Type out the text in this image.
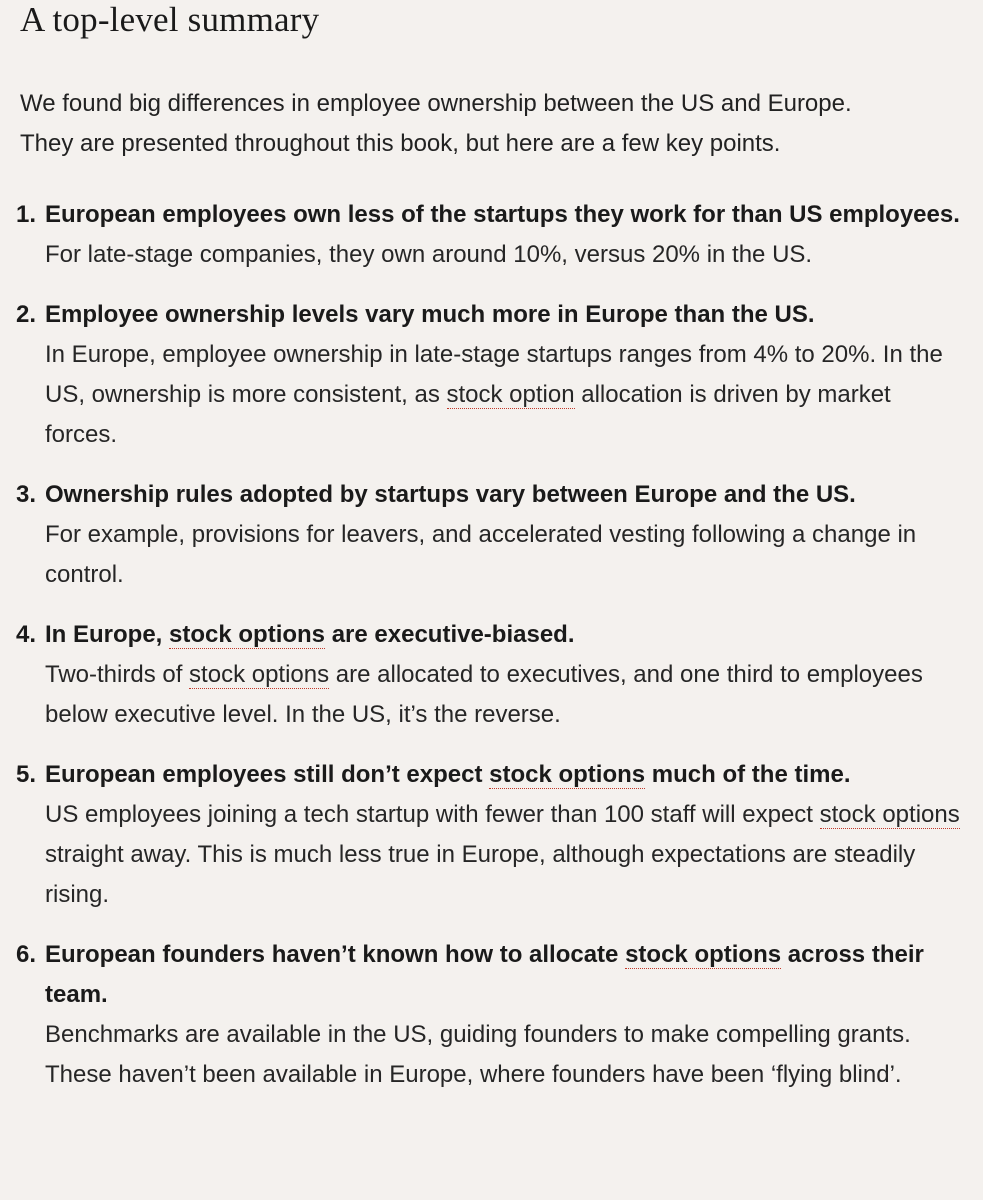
A top-level summary

We found big differences in employee ownership between the US and Europe.
They are presented throughout this book, but here are a few key points.

1. European employees own less of the startups they work for than US employees.
For late-stage companies, they own around 10%, versus 20% in the US.
2. Employee ownership levels vary much more in Europe than the US.
In Europe, employee ownership in late-stage startups ranges from 4% to 20%. In the US, ownership is more consistent, as stock option allocation is driven by market forces.
3. Ownership rules adopted by startups vary between Europe and the US.
For example, provisions for leavers, and accelerated vesting following a change in control.
4. In Europe, stock options are executive-biased.
Two-thirds of stock options are allocated to executives, and one third to employees below executive level. In the US, it’s the reverse.
5. European employees still don’t expect stock options much of the time.
US employees joining a tech startup with fewer than 100 staff will expect stock options straight away. This is much less true in Europe, although expectations are steadily rising.
6. European founders haven’t known how to allocate stock options across their team.
Benchmarks are available in the US, guiding founders to make compelling grants. These haven’t been available in Europe, where founders have been ‘flying blind’.
